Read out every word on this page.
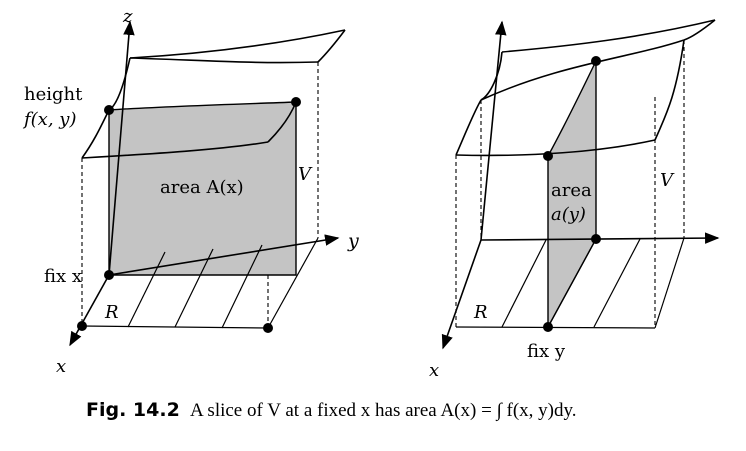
z
y
x
height
f(x, y)
area A(x)
V
fix x
R
area
a(y)
V
R
fix y
x
Fig. 14.2 A slice of V at a fixed x has area A(x) = ∫ f(x, y)dy.
